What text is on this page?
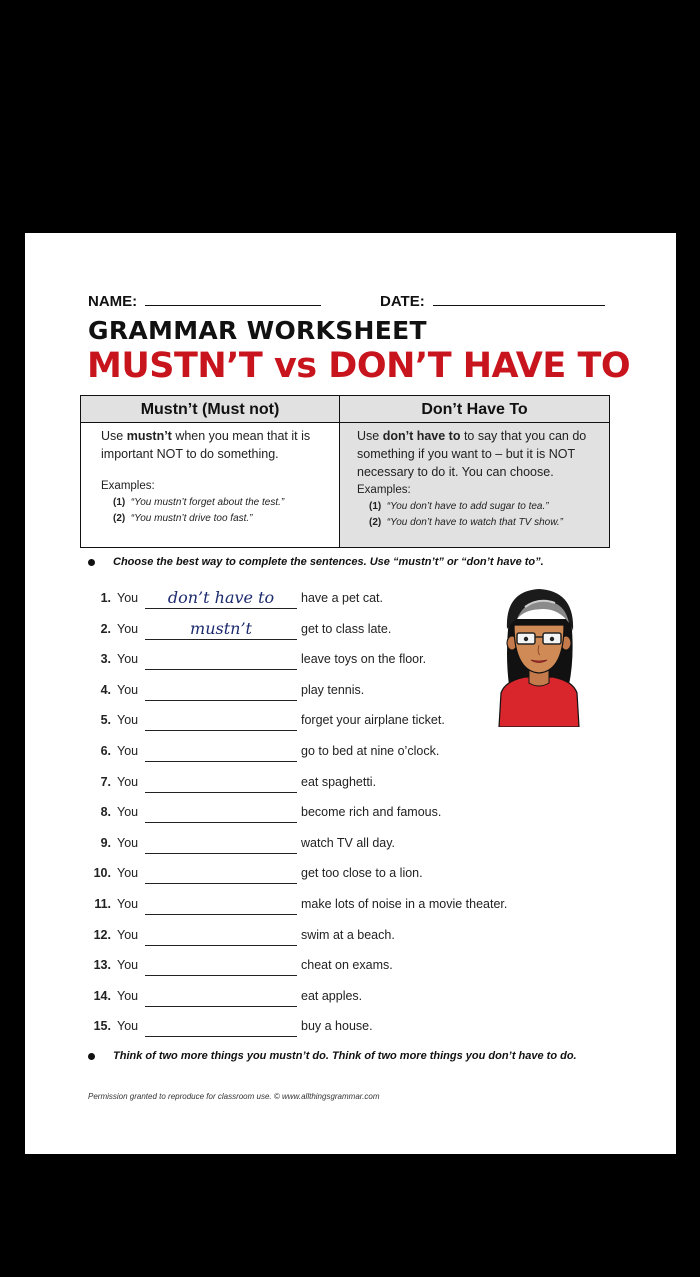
NAME:	DATE:
GRAMMAR WORKSHEET
MUSTN’T vs DON’T HAVE TO
Mustn’t (Must not)
Use mustn’t when you mean that it is important NOT to do something.
Examples:
(1) “You mustn’t forget about the test.”
(2) “You mustn’t drive too fast.”
Don’t Have To
Use don’t have to to say that you can do something if you want to – but it is NOT necessary to do it. You can choose.
Examples:
(1) “You don’t have to add sugar to tea.”
(2) “You don’t have to watch that TV show.”
Choose the best way to complete the sentences. Use “mustn’t” or “don’t have to”.
1. You	don’t have to	have a pet cat.
2. You	mustn’t	get to class late.
3. You	leave toys on the floor.
4. You	play tennis.
5. You	forget your airplane ticket.
6. You	go to bed at nine o’clock.
7. You	eat spaghetti.
8. You	become rich and famous.
9. You	watch TV all day.
10. You	get too close to a lion.
11. You	make lots of noise in a movie theater.
12. You	swim at a beach.
13. You	cheat on exams.
14. You	eat apples.
15. You	buy a house.
Think of two more things you mustn’t do. Think of two more things you don’t have to do.
Permission granted to reproduce for classroom use. © www.allthingsgrammar.com
